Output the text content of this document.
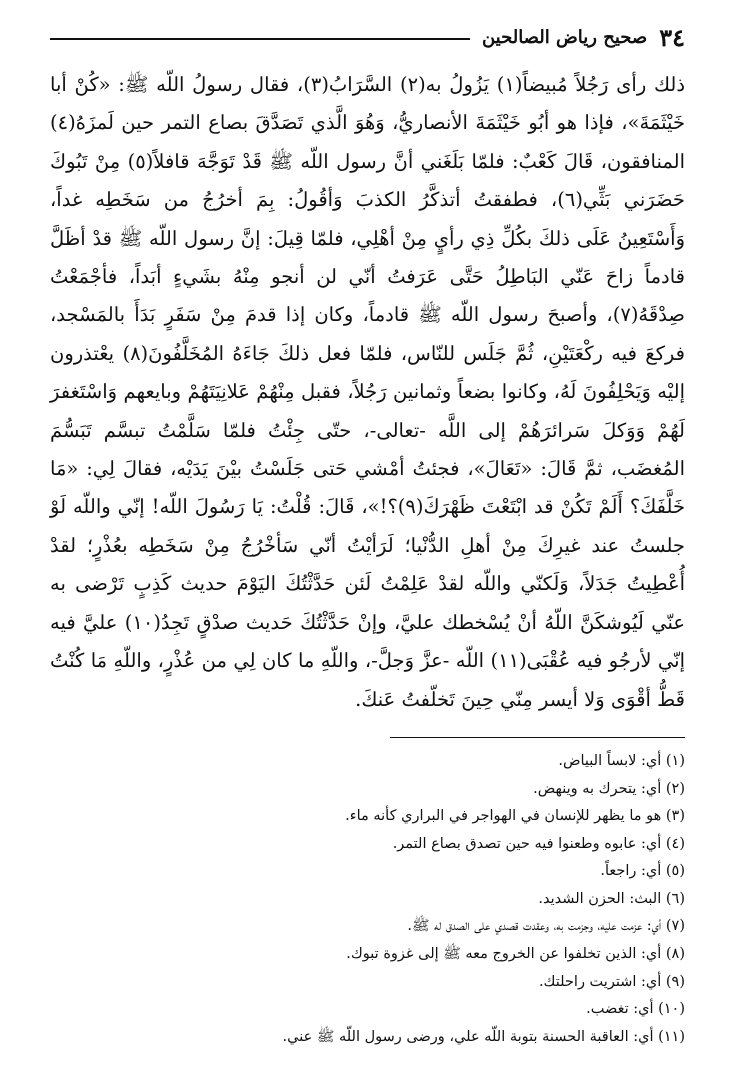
٣٤
صحيح رياض الصالحين

ذلك رأى رَجُلاً مُبيضاً(١) يَزُولُ به(٢) السَّرَابُ(٣)، فقال رسولُ اللّه ﷺ: «كُنْ أبا خَيْثَمَةَ»، فإذا هو أبُو خَيْثَمَةَ الأنصاريُّ، وَهُوَ الَّذي تَصَدَّقَ بصاع التمر حين لَمزَهُ(٤) المنافقون، قَالَ كَعْبٌ: فلمّا بَلَغَني أنَّ رسول اللّه ﷺ قَدْ تَوَجَّهَ قافلاً(٥) مِنْ تَبُوكَ حَضَرَني بَثِّي(٦)، فطفقتُ أتذكَّرُ الكذبَ وَأقُولُ: بِمَ أخرُجُ من سَخَطِه غداً، وَأَسْتَعِينُ عَلَى ذلكَ بكُلِّ ذِي رأيٍ مِنْ أهْلِي، فلمّا قِيلَ: إنَّ رسول اللّه ﷺ قدْ أظَلَّ قادماً زاحَ عَنّي البَاطِلُ حَتَّى عَرَفتُ أنّي لن أنجو مِنْهُ بشَيءٍ أبَداً، فأجْمَعْتُ صِدْقَهُ(٧)، وأصبحَ رسول اللّه ﷺ قادماً، وكان إذا قدمَ مِنْ سَفَرٍ بَدَأَ بالمَسْجد، فركعَ فيه ركْعَتَيْنِ، ثُمَّ جَلَس للنّاس، فلمّا فعل ذلكَ جَاءَهُ المُخَلَّفُونَ(٨) يعْتذرون إليْه وَيَحْلِفُونَ لَهُ، وكانوا بضعاً وثمانين رَجُلاً، فقبل مِنْهُمْ عَلانِيَتَهُمْ وبايعهم وَاسْتَغفرَ لَهُمْ وَوَكلَ سَرائرَهُمْ إلى اللَّه -تعالى-، حتّى جِئْتُ فلمّا سَلَّمْتُ تبسَّم تَبَسُّمَ المُغضَب، ثمَّ قَالَ: «تَعَالَ»، فجئتُ أمْشي حَتى جَلَسْتُ بيْنَ يَدَيْه، فقالَ لِي: «مَا خَلَّفَكَ؟ أَلَمْ تَكُنْ قد ابْتَعْتَ ظَهْرَكَ(٩)؟!»، قَالَ: قُلْتُ: يَا رَسُولَ اللّه! إنّي واللّه لَوْ جلستُ عند غيرِكَ مِنْ أهلِ الدُّنْيا؛ لَرَأيْتُ أنّي سَأخْرُجُ مِنْ سَخَطِه بعُذْرٍ؛ لقدْ أُعْطِيتُ جَدَلاً، وَلَكنّي واللّه لقدْ عَلِمْتُ لَئن حَدَّثْتُكَ اليَوْمَ حديث كَذِبٍ تَرْضى به عنّي لَيُوشكَنَّ اللّهُ أنْ يُسْخطك عليَّ، وإنْ حَدَّثْتُكَ حَديث صدْقٍ تَجِدُ(١٠) عليَّ فيه إنّي لأرجُو فيه عُقْبَى(١١) اللّه -عزَّ وَجلَّ-، واللّهِ ما كان لِي من عُذْرٍ، واللّهِ مَا كُنْتُ قَطُّ أقْوَى وَلا أيسر مِنّي حِينَ تَخلّفتُ عَنكَ.

(١) أي: لابساً البياض.
(٢) أي: يتحرك به وينهض.
(٣) هو ما يظهر للإنسان في الهواجر في البراري كأنه ماء.
(٤) أي: عابوه وطعنوا فيه حين تصدق بصاع التمر.
(٥) أي: راجعاً.
(٦) البث: الحزن الشديد.
(٧) أي: عزمت عليه، وجزمت به، وعقدت قصدي على الصدق له ﷺ.
(٨) أي: الذين تخلفوا عن الخروج معه ﷺ إلى غزوة تبوك.
(٩) أي: اشتريت راحلتك.
(١٠) أي: تغضب.
(١١) أي: العاقبة الحسنة بتوبة اللّه علي، ورضى رسول اللّه ﷺ عني.
